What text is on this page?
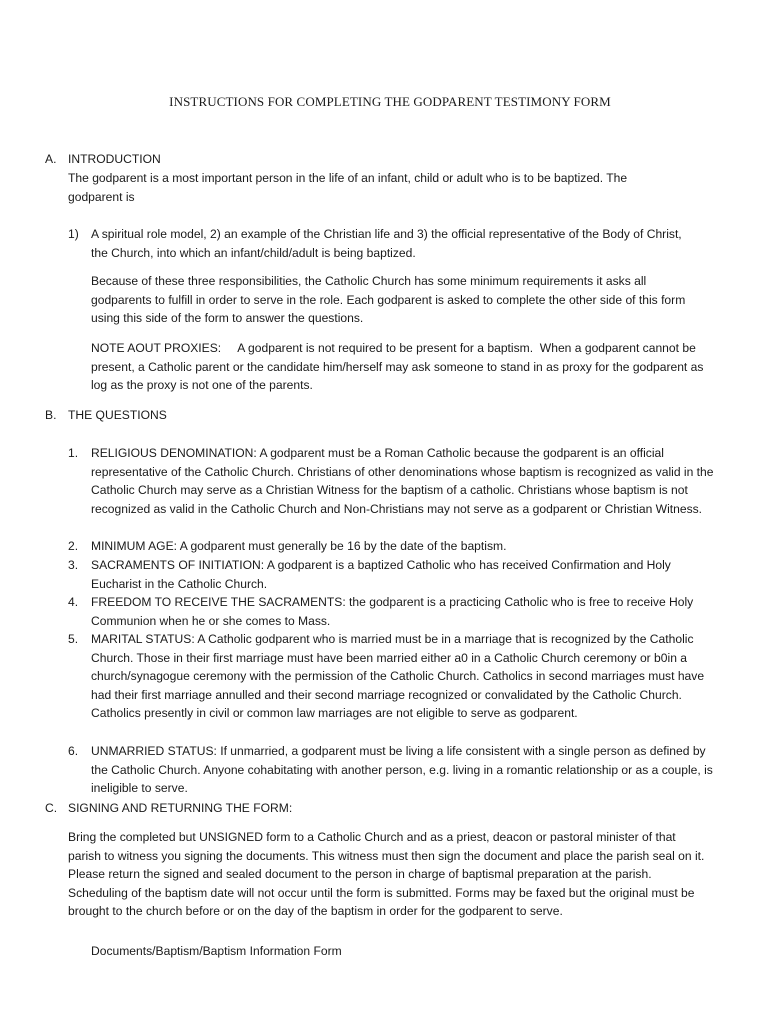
INSTRUCTIONS FOR COMPLETING THE GODPARENT TESTIMONY FORM
A. INTRODUCTION
The godparent is a most important person in the life of an infant, child or adult who is to be baptized. The godparent is
1) A spiritual role model, 2) an example of the Christian life and 3) the official representative of the Body of Christ, the Church, into which an infant/child/adult is being baptized.
Because of these three responsibilities, the Catholic Church has some minimum requirements it asks all godparents to fulfill in order to serve in the role. Each godparent is asked to complete the other side of this form using this side of the form to answer the questions.
NOTE AOUT PROXIES:     A godparent is not required to be present for a baptism.  When a godparent cannot be present, a Catholic parent or the candidate him/herself may ask someone to stand in as proxy for the godparent as log as the proxy is not one of the parents.
B. THE QUESTIONS
1. RELIGIOUS DENOMINATION: A godparent must be a Roman Catholic because the godparent is an official representative of the Catholic Church. Christians of other denominations whose baptism is recognized as valid in the Catholic Church may serve as a Christian Witness for the baptism of a catholic. Christians whose baptism is not recognized as valid in the Catholic Church and Non-Christians may not serve as a godparent or Christian Witness.
2. MINIMUM AGE: A godparent must generally be 16 by the date of the baptism.
3. SACRAMENTS OF INITIATION: A godparent is a baptized Catholic who has received Confirmation and Holy Eucharist in the Catholic Church.
4. FREEDOM TO RECEIVE THE SACRAMENTS: the godparent is a practicing Catholic who is free to receive Holy Communion when he or she comes to Mass.
5. MARITAL STATUS: A Catholic godparent who is married must be in a marriage that is recognized by the Catholic Church. Those in their first marriage must have been married either a0 in a Catholic Church ceremony or b0in a church/synagogue ceremony with the permission of the Catholic Church. Catholics in second marriages must have had their first marriage annulled and their second marriage recognized or convalidated by the Catholic Church. Catholics presently in civil or common law marriages are not eligible to serve as godparent.
6. UNMARRIED STATUS: If unmarried, a godparent must be living a life consistent with a single person as defined by the Catholic Church. Anyone cohabitating with another person, e.g. living in a romantic relationship or as a couple, is ineligible to serve.
C. SIGNING AND RETURNING THE FORM:
Bring the completed but UNSIGNED form to a Catholic Church and as a priest, deacon or pastoral minister of that parish to witness you signing the documents. This witness must then sign the document and place the parish seal on it. Please return the signed and sealed document to the person in charge of baptismal preparation at the parish. Scheduling of the baptism date will not occur until the form is submitted. Forms may be faxed but the original must be brought to the church before or on the day of the baptism in order for the godparent to serve.
Documents/Baptism/Baptism Information Form
